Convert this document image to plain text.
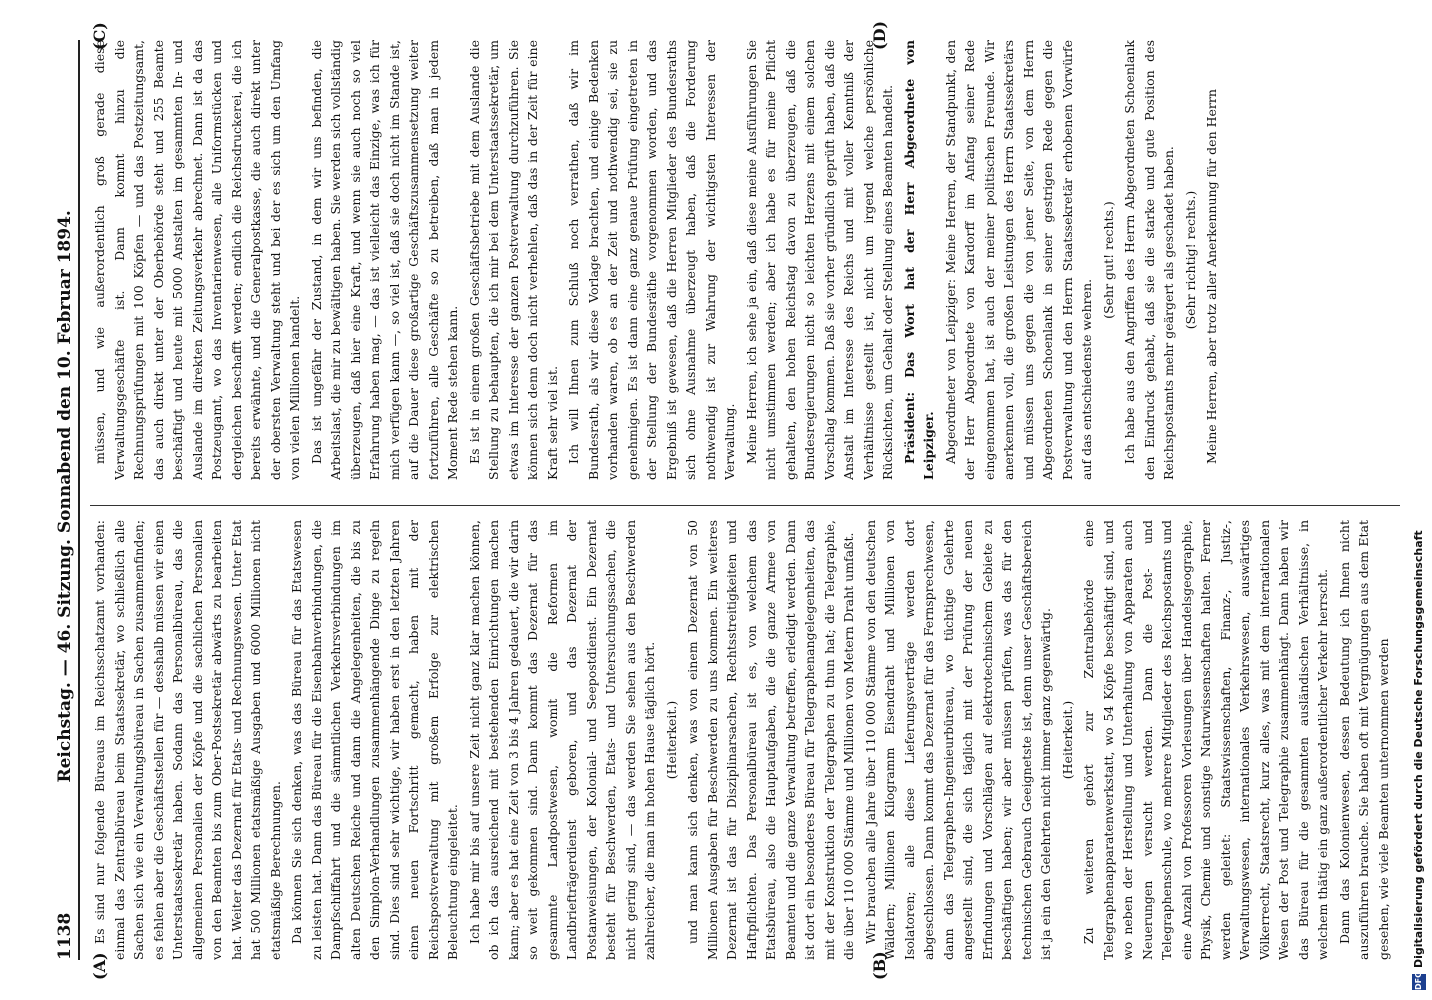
1138
Reichstag. — 46. Sitzung. Sonnabend den 10. Februar 1894.
(A)	(B)
(C)	(D)

Es sind nur folgende Büreaus im Reichsschatzamt vorhanden: einmal das Zentralbüreau beim Staatssekretär, wo schließlich alle Sachen sich wie ein Verwaltungsbüreau in Sachen zusammenfinden; es fehlen aber die Geschäftsstellen für — desshalb müssen wir einen Unterstaatssekretär haben. Sodann das Personalbüreau, das die allgemeinen Personalien der Köpfe und die sachlichen Personalien von den Beamten bis zum Ober-Postsekretär abwärts zu bearbeiten hat. Weiter das Dezernat für Etats- und Rechnungswesen. Unter Etat hat 500 Millionen etatsmäßige Ausgaben und 6000 Millionen nicht etatsmäßige Berechnungen. Da können Sie sich denken, was das Büreau für das Etatswesen zu leisten hat. Dann das Büreau für die Eisenbahnverbindungen, die Dampfschiffahrt und die sämmtlichen Verkehrsverbindungen im alten Deutschen Reiche und dann die Angelegenheiten, die bis zu den Simplon-Verhandlungen zusammenhängende Dinge zu regeln sind. Dies sind sehr wichtige, wir haben erst in den letzten Jahren einen neuen Fortschritt gemacht, haben mit der Reichspostverwaltung mit großem Erfolge zur elektrischen Beleuchtung eingeleitet. Ich habe mir bis auf unsere Zeit nicht ganz klar machen können, ob ich das ausreichend mit bestehenden Einrichtungen machen kann; aber es hat eine Zeit von 3 bis 4 Jahren gedauert, die wir darin so weit gekommen sind. Dann kommt das Dezernat für das gesammte Landpostwesen, womit die Reformen im Landbriefträgerdienst geboren, und das Dezernat der Postanweisungen, der Kolonial- und Seepostdienst. Ein Dezernat besteht für Beschwerden, Etats- und Untersuchungssachen, die nicht gering sind, — das werden Sie sehen aus den Beschwerden zahlreicher, die man im hohen Hause täglich hört. (Heiterkeit.) und man kann sich denken, was von einem Dezernat von 50 Millionen Ausgaben für Beschwerden zu uns kommen. Ein weiteres Dezernat ist das für Disziplinarsachen, Rechtsstreitigkeiten und Haftpflichten. Das Personalbüreau ist es, von welchem das Etatsbüreau, also die Hauptaufgaben, die die ganze Armee von Beamten und die ganze Verwaltung betreffen, erledigt werden. Dann ist dort ein besonderes Büreau für Telegraphenangelegenheiten, das mit der Konstruktion der Telegraphen zu thun hat; die Telegraphie, die über 110 000 Stämme und Millionen von Metern Draht umfaßt. Wir brauchen alle Jahre über 110 000 Stämme von den deutschen Wäldern; Millionen Kilogramm Eisendraht und Millionen von Isolatoren; alle diese Lieferungsverträge werden dort abgeschlossen. Dann kommt das Dezernat für das Fernsprechwesen, dann das Telegraphen-Ingenieurbüreau, wo tüchtige Gelehrte angestellt sind, die sich täglich mit der Prüfung der neuen Erfindungen und Vorschlägen auf elektrotechnischem Gebiete zu beschäftigen haben; wir aber müssen prüfen, was das für den technischen Gebrauch Geeignetste ist, denn unser Geschäftsbereich ist ja ein den Gelehrten nicht immer ganz gegenwärtig. (Heiterkeit.) Zu weiteren gehört zur Zentralbehörde eine Telegraphenapparatenwerkstatt, wo 54 Köpfe beschäftigt sind, und wo neben der Herstellung und Unterhaltung von Apparaten auch Neuerungen versucht werden. Dann die Post- und Telegraphenschule, wo mehrere Mitglieder des Reichspostamts und eine Anzahl von Professoren Vorlesungen über Handelsgeographie, Physik, Chemie und sonstige Naturwissenschaften halten. Ferner werden geleitet: Staatswissenschaften, Finanz-, Justiz-, Verwaltungswesen, internationales Verkehrswesen, auswärtiges Völkerrecht, Staatsrecht, kurz alles, was mit dem internationalen Wesen der Post und Telegraphie zusammenhängt. Dann haben wir das Büreau für die gesammten ausländischen Verhältnisse, in welchem thätig ein ganz außerordentlicher Verkehr herrscht. Dann das Kolonienwesen, dessen Bedeutung ich Ihnen nicht auszuführen brauche. Sie haben oft mit Vergnügungen aus dem Etat gesehen, wie viele Beamten unternommen werden

müssen, und wie außerordentlich groß gerade diese Verwaltungsgeschäfte ist. Dann kommt hinzu die Rechnungsprüfungen mit 100 Köpfen — und das Postzeitungsamt, das auch direkt unter der Oberbehörde steht und 255 Beamte beschäftigt und heute mit 5000 Anstalten im gesammten In- und Auslande im direkten Zeitungsverkehr abrechnet. Dann ist da das Postzeugamt, wo das Inventarienwesen, alle Uniformstücken und dergleichen beschafft werden; endlich die Reichsdruckerei, die ich bereits erwähnte, und die Generalpostkasse, die auch direkt unter der obersten Verwaltung steht und bei der es sich um den Umfang von vielen Millionen handelt. Das ist ungefähr der Zustand, in dem wir uns befinden, die Arbeitslast, die mir zu bewältigen haben. Sie werden sich vollständig überzeugen, daß hier eine Kraft, und wenn sie auch noch so viel Erfahrung haben mag, — das ist vielleicht das Einzige, was ich für mich verfügen kann —, so viel ist, daß sie doch nicht im Stande ist, auf die Dauer diese großartige Geschäftszusammensetzung weiter fortzuführen, alle Geschäfte so zu betreiben, daß man in jedem Moment Rede stehen kann. Es ist in einem großen Geschäftsbetriebe mit dem Auslande die Stellung zu behaupten, die ich mir bei dem Unterstaatssekretär, um etwas im Interesse der ganzen Postverwaltung durchzuführen. Sie können sich denn doch nicht verhehlen, daß das in der Zeit für eine Kraft sehr viel ist. Ich will Ihnen zum Schluß noch verrathen, daß wir im Bundesrath, als wir diese Vorlage brachten, und einige Bedenken vorhanden waren, ob es an der Zeit und nothwendig sei, sie zu genehmigen. Es ist dann eine ganz genaue Prüfung eingetreten in der Stellung der Bundesräthe vorgenommen worden, und das Ergebniß ist gewesen, daß die Herren Mitglieder des Bundesraths sich ohne Ausnahme überzeugt haben, daß die Forderung nothwendig ist zur Wahrung der wichtigsten Interessen der Verwaltung. Meine Herren, ich sehe ja ein, daß diese meine Ausführungen Sie nicht umstimmen werden; aber ich habe es für meine Pflicht gehalten, den hohen Reichstag davon zu überzeugen, daß die Bundesregierungen nicht so leichten Herzens mit einem solchen Vorschlag kommen. Daß sie vorher gründlich geprüft haben, daß die Anstalt im Interesse des Reichs und mit voller Kenntniß der Verhältnisse gestellt ist, nicht um irgend welche persönliche Rücksichten, um Gehalt oder Stellung eines Beamten handelt. Präsident: Das Wort hat der Herr Abgeordnete von Leipziger. Abgeordneter von Leipziger: Meine Herren, der Standpunkt, den der Herr Abgeordnete von Kardorff im Anfang seiner Rede eingenommen hat, ist auch der meiner politischen Freunde. Wir anerkennen voll, die großen Leistungen des Herrn Staatssekretärs und müssen uns gegen die von jener Seite, von dem Herrn Abgeordneten Schoenlank in seiner gestrigen Rede gegen die Postverwaltung und den Herrn Staatssekretär erhobenen Vorwürfe auf das entschiedenste wehren.

(Sehr gut! rechts.) Ich habe aus den Angriffen des Herrn Abgeordneten Schoenlank den Eindruck gehabt, daß sie die starke und gute Position des Reichspostamts mehr geärgert als geschadet haben. (Sehr richtig! rechts.) Meine Herren, aber trotz aller Anerkennung für den Herrn

DFG
Digitalisierung gefördert durch die Deutsche Forschungsgemeinschaft
